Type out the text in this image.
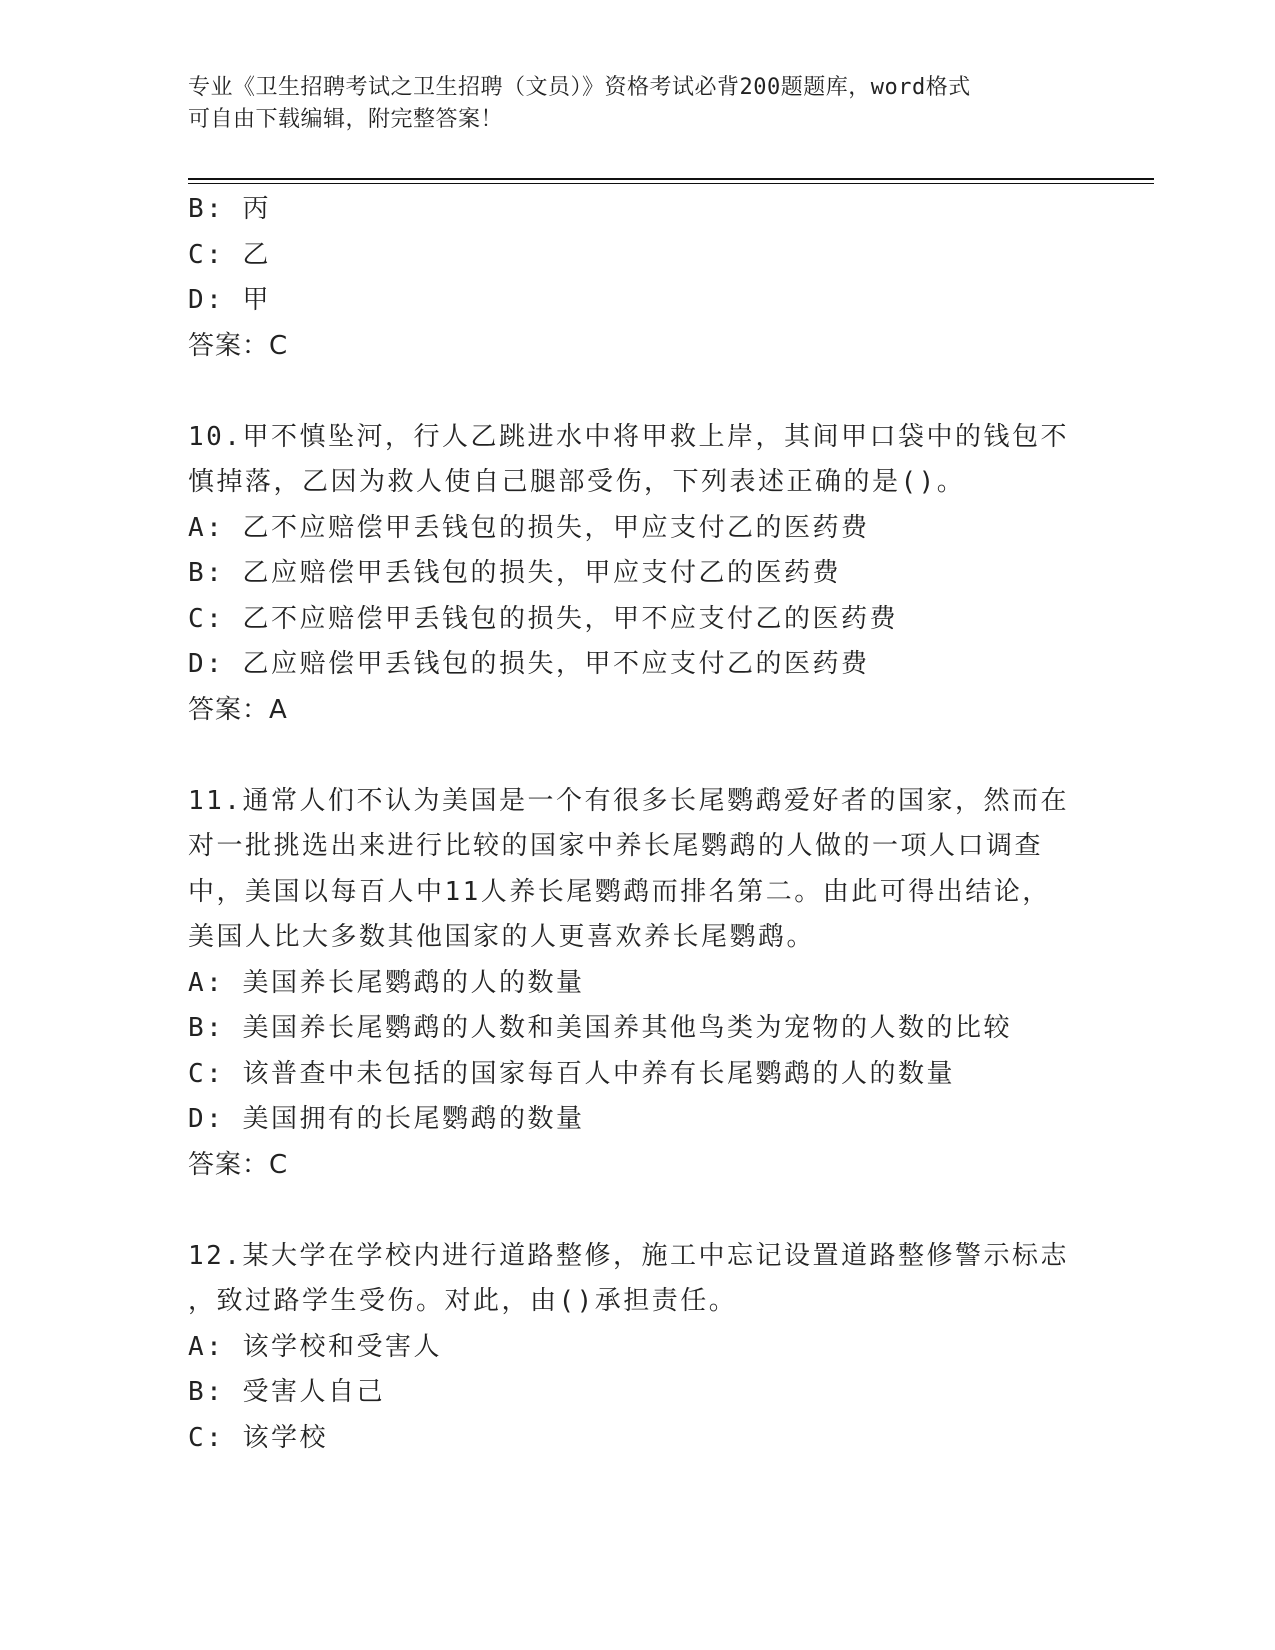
专业《卫生招聘考试之卫生招聘（文员）》资格考试必背200题题库，word格式
可自由下载编辑，附完整答案！
B: 丙
C: 乙
D: 甲
答案：C
10.甲不慎坠河，行人乙跳进水中将甲救上岸，其间甲口袋中的钱包不
慎掉落，乙因为救人使自己腿部受伤，下列表述正确的是()。
A: 乙不应赔偿甲丢钱包的损失，甲应支付乙的医药费
B: 乙应赔偿甲丢钱包的损失，甲应支付乙的医药费
C: 乙不应赔偿甲丢钱包的损失，甲不应支付乙的医药费
D: 乙应赔偿甲丢钱包的损失，甲不应支付乙的医药费
答案：A
11.通常人们不认为美国是一个有很多长尾鹦鹉爱好者的国家，然而在
对一批挑选出来进行比较的国家中养长尾鹦鹉的人做的一项人口调查
中，美国以每百人中11人养长尾鹦鹉而排名第二。由此可得出结论，
美国人比大多数其他国家的人更喜欢养长尾鹦鹉。
A: 美国养长尾鹦鹉的人的数量
B: 美国养长尾鹦鹉的人数和美国养其他鸟类为宠物的人数的比较
C: 该普查中未包括的国家每百人中养有长尾鹦鹉的人的数量
D: 美国拥有的长尾鹦鹉的数量
答案：C
12.某大学在学校内进行道路整修，施工中忘记设置道路整修警示标志
，致过路学生受伤。对此，由()承担责任。
A: 该学校和受害人
B: 受害人自己
C: 该学校
